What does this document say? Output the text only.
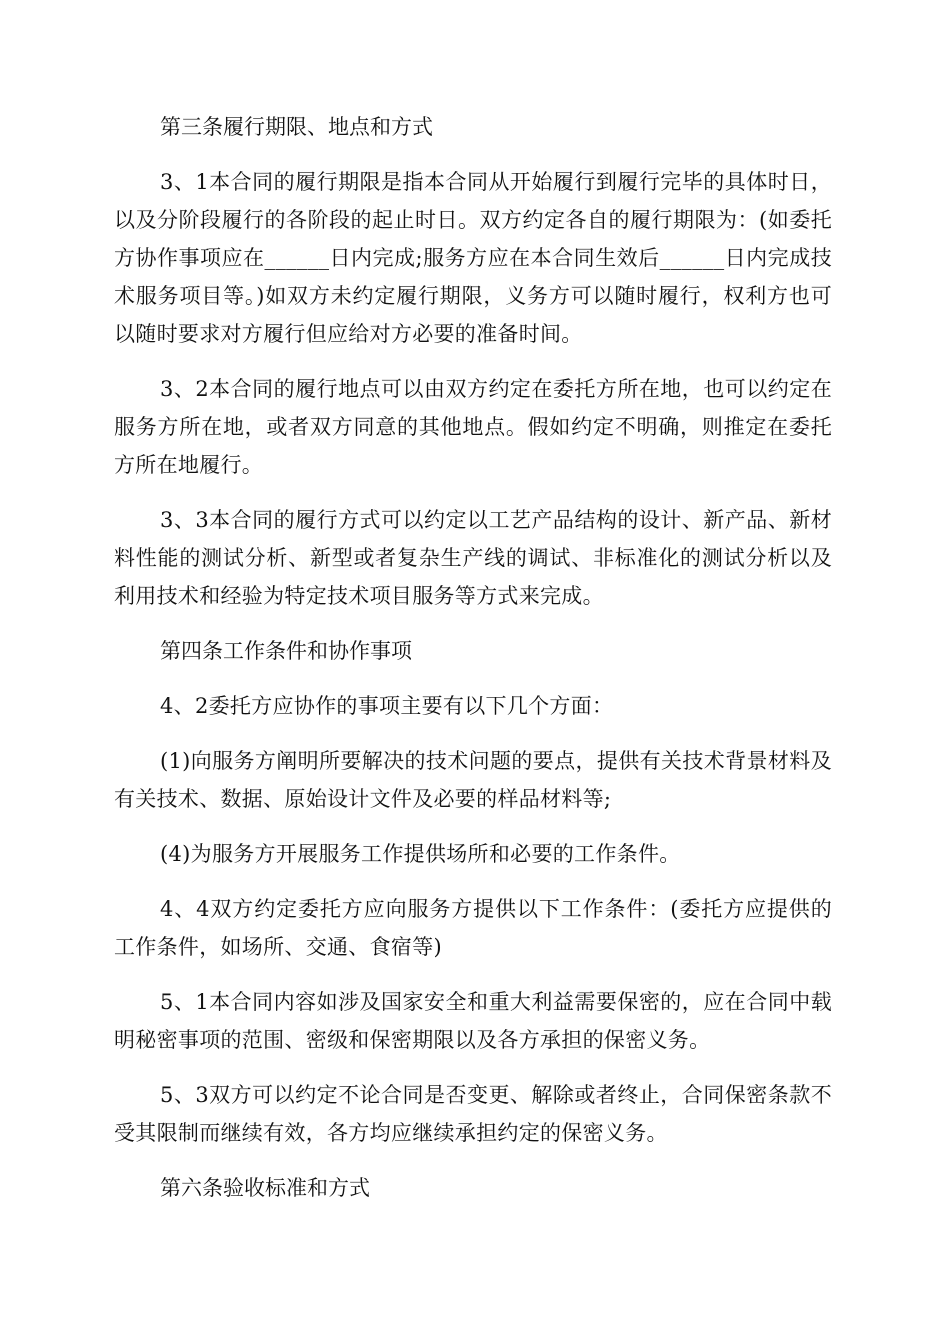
第三条履行期限、地点和方式

3、1本合同的履行期限是指本合同从开始履行到履行完毕的具体时日，以及分阶段履行的各阶段的起止时日。双方约定各自的履行期限为：(如委托方协作事项应在______日内完成;服务方应在本合同生效后______日内完成技术服务项目等。)如双方未约定履行期限，义务方可以随时履行，权利方也可以随时要求对方履行但应给对方必要的准备时间。

3、2本合同的履行地点可以由双方约定在委托方所在地，也可以约定在服务方所在地，或者双方同意的其他地点。假如约定不明确，则推定在委托方所在地履行。

3、3本合同的履行方式可以约定以工艺产品结构的设计、新产品、新材料性能的测试分析、新型或者复杂生产线的调试、非标准化的测试分析以及利用技术和经验为特定技术项目服务等方式来完成。

第四条工作条件和协作事项

4、2委托方应协作的事项主要有以下几个方面：

(1)向服务方阐明所要解决的技术问题的要点，提供有关技术背景材料及有关技术、数据、原始设计文件及必要的样品材料等;

(4)为服务方开展服务工作提供场所和必要的工作条件。

4、4双方约定委托方应向服务方提供以下工作条件：(委托方应提供的工作条件，如场所、交通、食宿等)

5、1本合同内容如涉及国家安全和重大利益需要保密的，应在合同中载明秘密事项的范围、密级和保密期限以及各方承担的保密义务。

5、3双方可以约定不论合同是否变更、解除或者终止，合同保密条款不受其限制而继续有效，各方均应继续承担约定的保密义务。

第六条验收标准和方式
